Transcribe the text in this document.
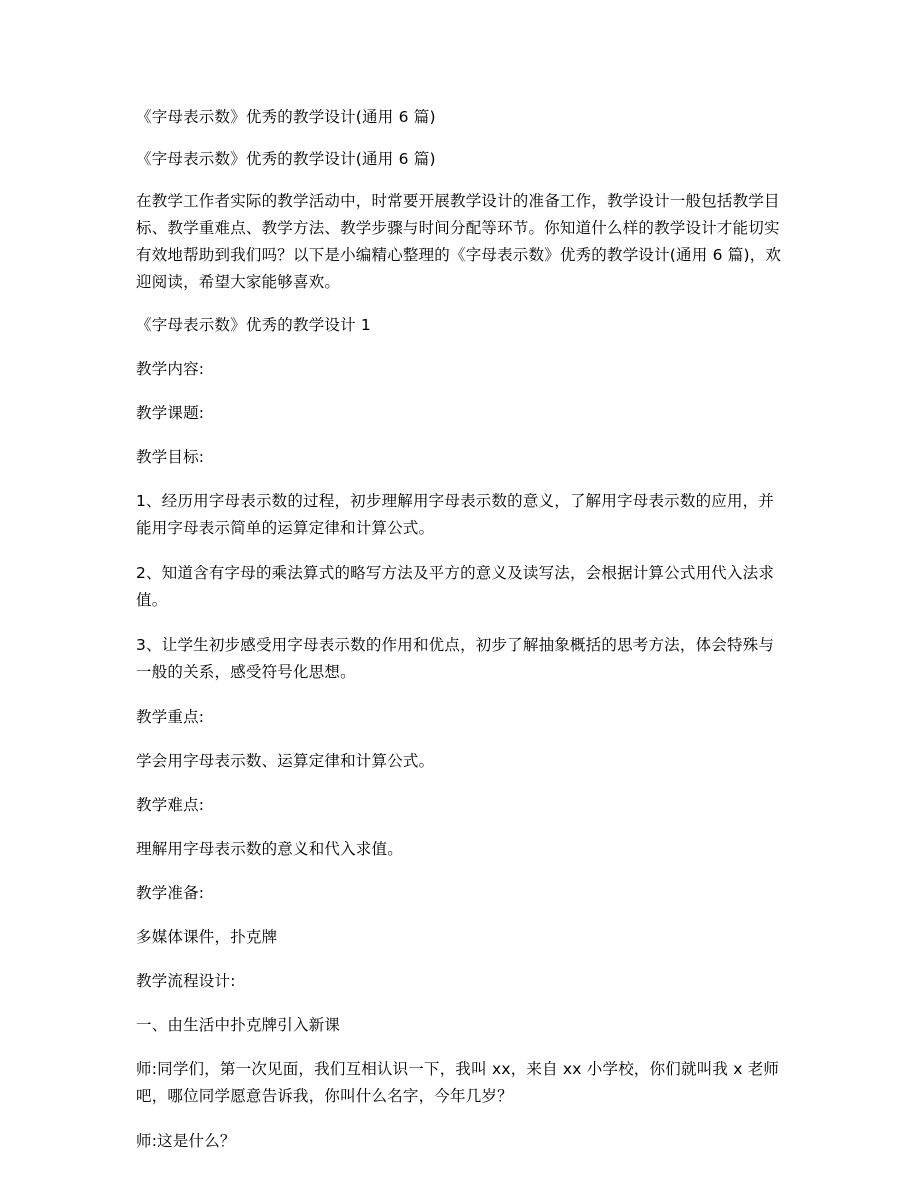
《字母表示数》优秀的教学设计(通用 6 篇)

《字母表示数》优秀的教学设计(通用 6 篇)

在教学工作者实际的教学活动中，时常要开展教学设计的准备工作，教学设计一般包括教学目标、教学重难点、教学方法、教学步骤与时间分配等环节。你知道什么样的教学设计才能切实有效地帮助到我们吗？以下是小编精心整理的《字母表示数》优秀的教学设计(通用 6 篇)，欢迎阅读，希望大家能够喜欢。

《字母表示数》优秀的教学设计 1

教学内容:

教学课题:

教学目标:

1、经历用字母表示数的过程，初步理解用字母表示数的意义，了解用字母表示数的应用，并能用字母表示简单的运算定律和计算公式。

2、知道含有字母的乘法算式的略写方法及平方的意义及读写法，会根据计算公式用代入法求值。

3、让学生初步感受用字母表示数的作用和优点，初步了解抽象概括的思考方法，体会特殊与一般的关系，感受符号化思想。

教学重点:

学会用字母表示数、运算定律和计算公式。

教学难点:

理解用字母表示数的意义和代入求值。

教学准备:

多媒体课件，扑克牌

教学流程设计:

一、由生活中扑克牌引入新课

师:同学们，第一次见面，我们互相认识一下，我叫 xx，来自 xx 小学校，你们就叫我 x 老师吧，哪位同学愿意告诉我，你叫什么名字，今年几岁？

师:这是什么？
